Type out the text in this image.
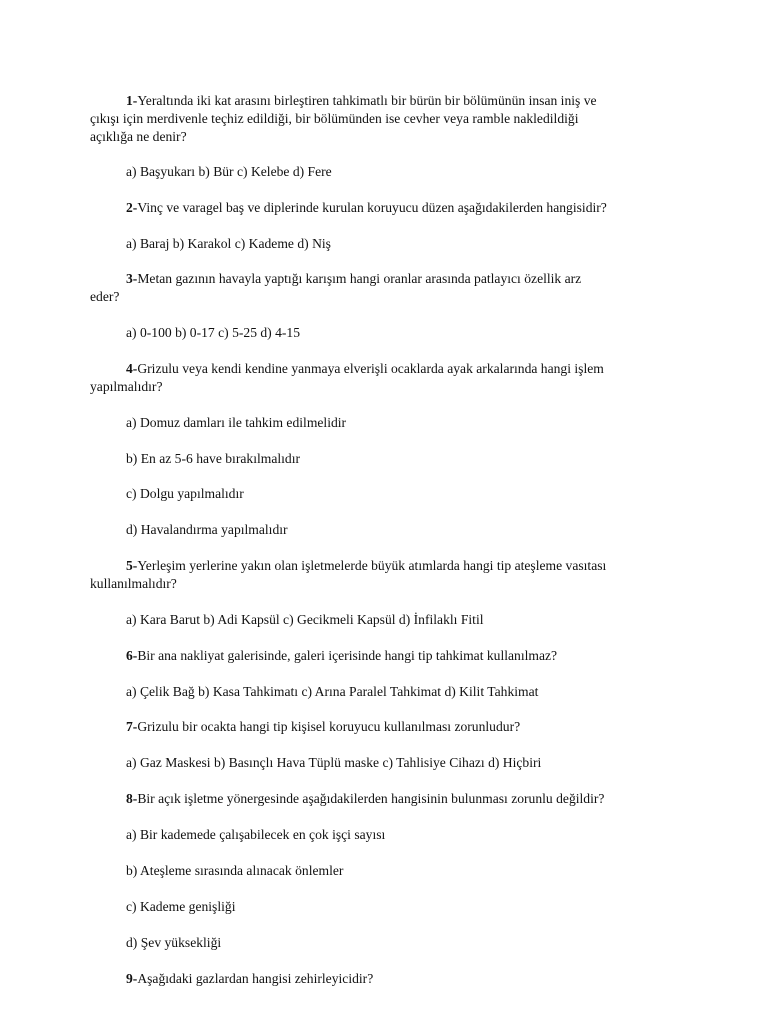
1-Yeraltında iki kat arasını birleştiren tahkimatlı bir bürün bir bölümünün insan iniş ve
çıkışı için merdivenle teçhiz edildiği, bir bölümünden ise cevher veya ramble nakledildiği
açıklığa ne denir?
a) Başyukarı b) Bür c) Kelebe d) Fere
2-Vinç ve varagel baş ve diplerinde kurulan koruyucu düzen aşağıdakilerden hangisidir?
a) Baraj b) Karakol c) Kademe d) Niş
3-Metan gazının havayla yaptığı karışım hangi oranlar arasında patlayıcı özellik arz
eder?
a) 0-100 b) 0-17 c) 5-25 d) 4-15
4-Grizulu veya kendi kendine yanmaya elverişli ocaklarda ayak arkalarında hangi işlem
yapılmalıdır?
a) Domuz damları ile tahkim edilmelidir
b) En az 5-6 have bırakılmalıdır
c) Dolgu yapılmalıdır
d) Havalandırma yapılmalıdır
5-Yerleşim yerlerine yakın olan işletmelerde büyük atımlarda hangi tip ateşleme vasıtası
kullanılmalıdır?
a) Kara Barut b) Adi Kapsül c) Gecikmeli Kapsül d) İnfilaklı Fitil
6-Bir ana nakliyat galerisinde, galeri içerisinde hangi tip tahkimat kullanılmaz?
a) Çelik Bağ b) Kasa Tahkimatı c) Arına Paralel Tahkimat d) Kilit Tahkimat
7-Grizulu bir ocakta hangi tip kişisel koruyucu kullanılması zorunludur?
a) Gaz Maskesi b) Basınçlı Hava Tüplü maske c) Tahlisiye Cihazı d) Hiçbiri
8-Bir açık işletme yönergesinde aşağıdakilerden hangisinin bulunması zorunlu değildir?
a) Bir kademede çalışabilecek en çok işçi sayısı
b) Ateşleme sırasında alınacak önlemler
c) Kademe genişliği
d) Şev yüksekliği
9-Aşağıdaki gazlardan hangisi zehirleyicidir?
